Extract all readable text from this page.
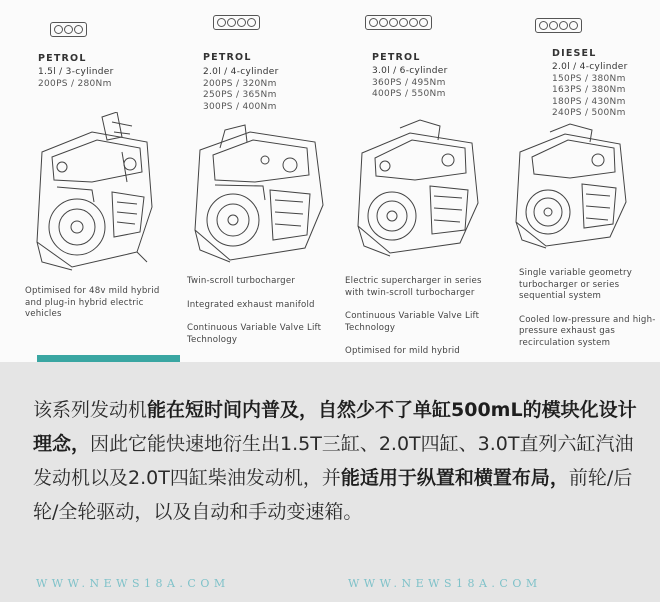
PETROL
1.5l / 3-cylinder
200PS / 280Nm

Optimised for 48v mild hybrid and plug-in hybrid electric vehicles

PETROL
2.0l / 4-cylinder
200PS / 320Nm
250PS / 365Nm
300PS / 400Nm

Twin-scroll turbocharger

Integrated exhaust manifold

Continuous Variable Valve Lift Technology

PETROL
3.0l / 6-cylinder
360PS / 495Nm
400PS / 550Nm

Electric supercharger in series with twin-scroll turbocharger

Continuous Variable Valve Lift Technology

Optimised for mild hybrid

DIESEL
2.0l / 4-cylinder
150PS / 380Nm
163PS / 380Nm
180PS / 430Nm
240PS / 500Nm

Single variable geometry turbocharger or series sequential system

Cooled low-pressure and high-pressure exhaust gas recirculation system

该系列发动机能在短时间内普及，自然少不了单缸500mL的模块化设计理念，因此它能快速地衍生出1.5T三缸、2.0T四缸、3.0T直列六缸汽油发动机以及2.0T四缸柴油发动机，并能适用于纵置和横置布局，前轮/后轮/全轮驱动，以及自动和手动变速箱。
WWW.NEWS18A.COM	WWW.NEWS18A.COM
